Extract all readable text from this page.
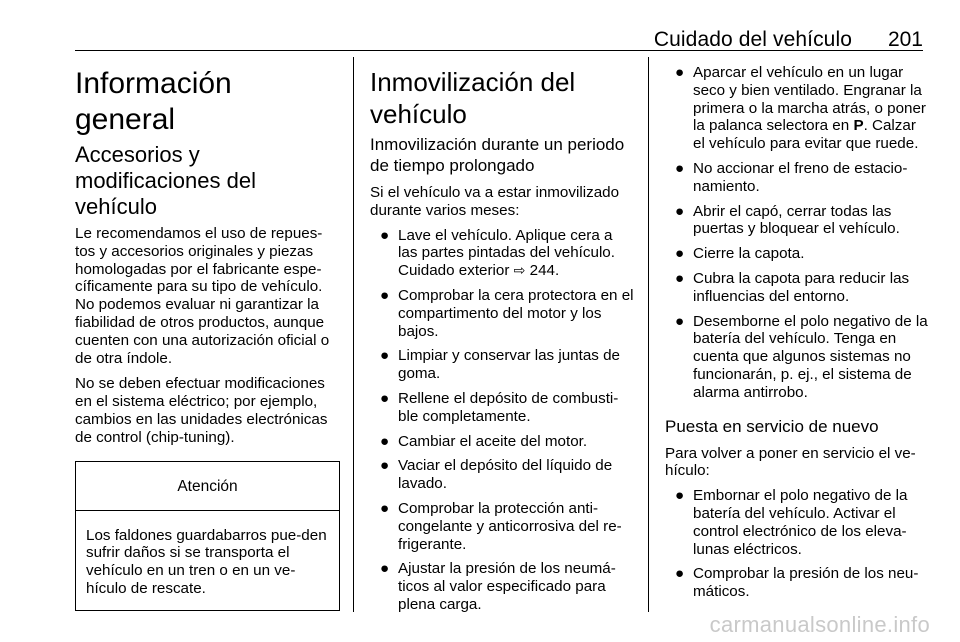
Cuidado del vehículo 201
Información general
Accesorios y modificaciones del vehículo

Le recomendamos el uso de repues-tos y accesorios originales y piezas homologadas por el fabricante espe-cíficamente para su tipo de vehículo. No podemos evaluar ni garantizar la fiabilidad de otros productos, aunque cuenten con una autorización oficial o de otra índole.

No se deben efectuar modificaciones en el sistema eléctrico; por ejemplo, cambios en las unidades electrónicas de control (chip-tuning).

Atención
Los faldones guardabarros pue-den sufrir daños si se transporta el vehículo en un tren o en un ve-hículo de rescate.
Inmovilización del vehículo
Inmovilización durante un periodo de tiempo prolongado

Si el vehículo va a estar inmovilizado durante varios meses:

● Lave el vehículo. Aplique cera a las partes pintadas del vehículo. Cuidado exterior ⇨ 244.
● Comprobar la cera protectora en el compartimento del motor y los bajos.
● Limpiar y conservar las juntas de goma.
● Rellene el depósito de combusti-ble completamente.
● Cambiar el aceite del motor.
● Vaciar el depósito del líquido de lavado.
● Comprobar la protección anti-congelante y anticorrosiva del re-frigerante.
● Ajustar la presión de los neumá-ticos al valor especificado para plena carga.
● Aparcar el vehículo en un lugar seco y bien ventilado. Engranar la primera o la marcha atrás, o poner la palanca selectora en P. Calzar el vehículo para evitar que ruede.
● No accionar el freno de estacio-namiento.
● Abrir el capó, cerrar todas las puertas y bloquear el vehículo.
● Cierre la capota.
● Cubra la capota para reducir las influencias del entorno.
● Desemborne el polo negativo de la batería del vehículo. Tenga en cuenta que algunos sistemas no funcionarán, p. ej., el sistema de alarma antirrobo.
Puesta en servicio de nuevo

Para volver a poner en servicio el ve-hículo:

● Embornar el polo negativo de la batería del vehículo. Activar el control electrónico de los eleva-lunas eléctricos.
● Comprobar la presión de los neu-máticos.
carmanualsonline.info
